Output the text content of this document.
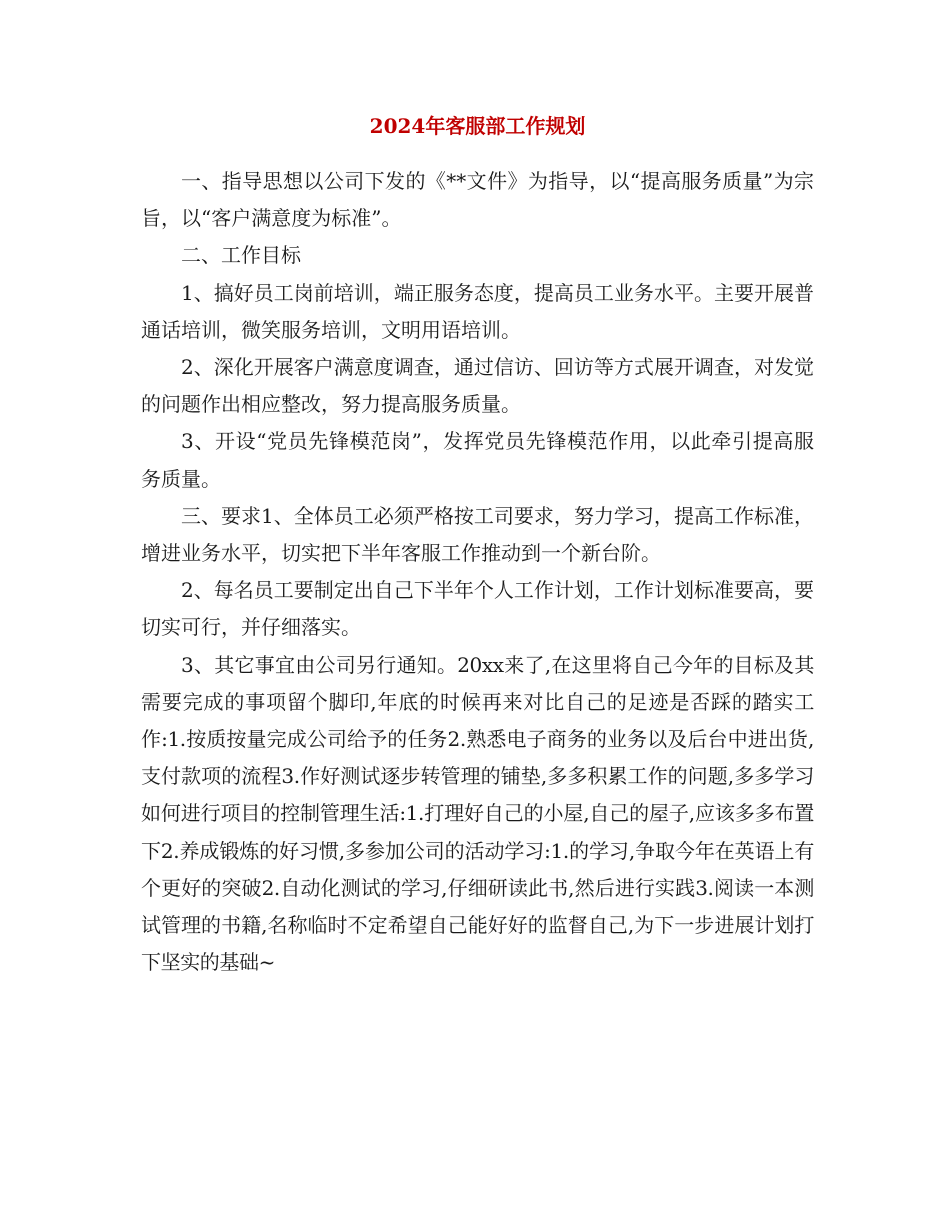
2024年客服部工作规划

一、指导思想以公司下发的《**文件》为指导，以“提高服务质量”为宗旨，以“客户满意度为标准”。

二、工作目标

1、搞好员工岗前培训，端正服务态度，提高员工业务水平。主要开展普通话培训，微笑服务培训，文明用语培训。

2、深化开展客户满意度调查，通过信访、回访等方式展开调查，对发觉的问题作出相应整改，努力提高服务质量。

3、开设“党员先锋模范岗”，发挥党员先锋模范作用，以此牵引提高服务质量。

三、要求1、全体员工必须严格按工司要求，努力学习，提高工作标准，增进业务水平，切实把下半年客服工作推动到一个新台阶。

2、每名员工要制定出自己下半年个人工作计划，工作计划标准要高，要切实可行，并仔细落实。

3、其它事宜由公司另行通知。20xx来了,在这里将自己今年的目标及其需要完成的事项留个脚印,年底的时候再来对比自己的足迹是否踩的踏实工作:1.按质按量完成公司给予的任务2.熟悉电子商务的业务以及后台中进出货,支付款项的流程3.作好测试逐步转管理的铺垫,多多积累工作的问题,多多学习如何进行项目的控制管理生活:1.打理好自己的小屋,自己的屋子,应该多多布置下2.养成锻炼的好习惯,多参加公司的活动学习:1.的学习,争取今年在英语上有个更好的突破2.自动化测试的学习,仔细研读此书,然后进行实践3.阅读一本测试管理的书籍,名称临时不定希望自己能好好的监督自己,为下一步进展计划打下坚实的基础~
